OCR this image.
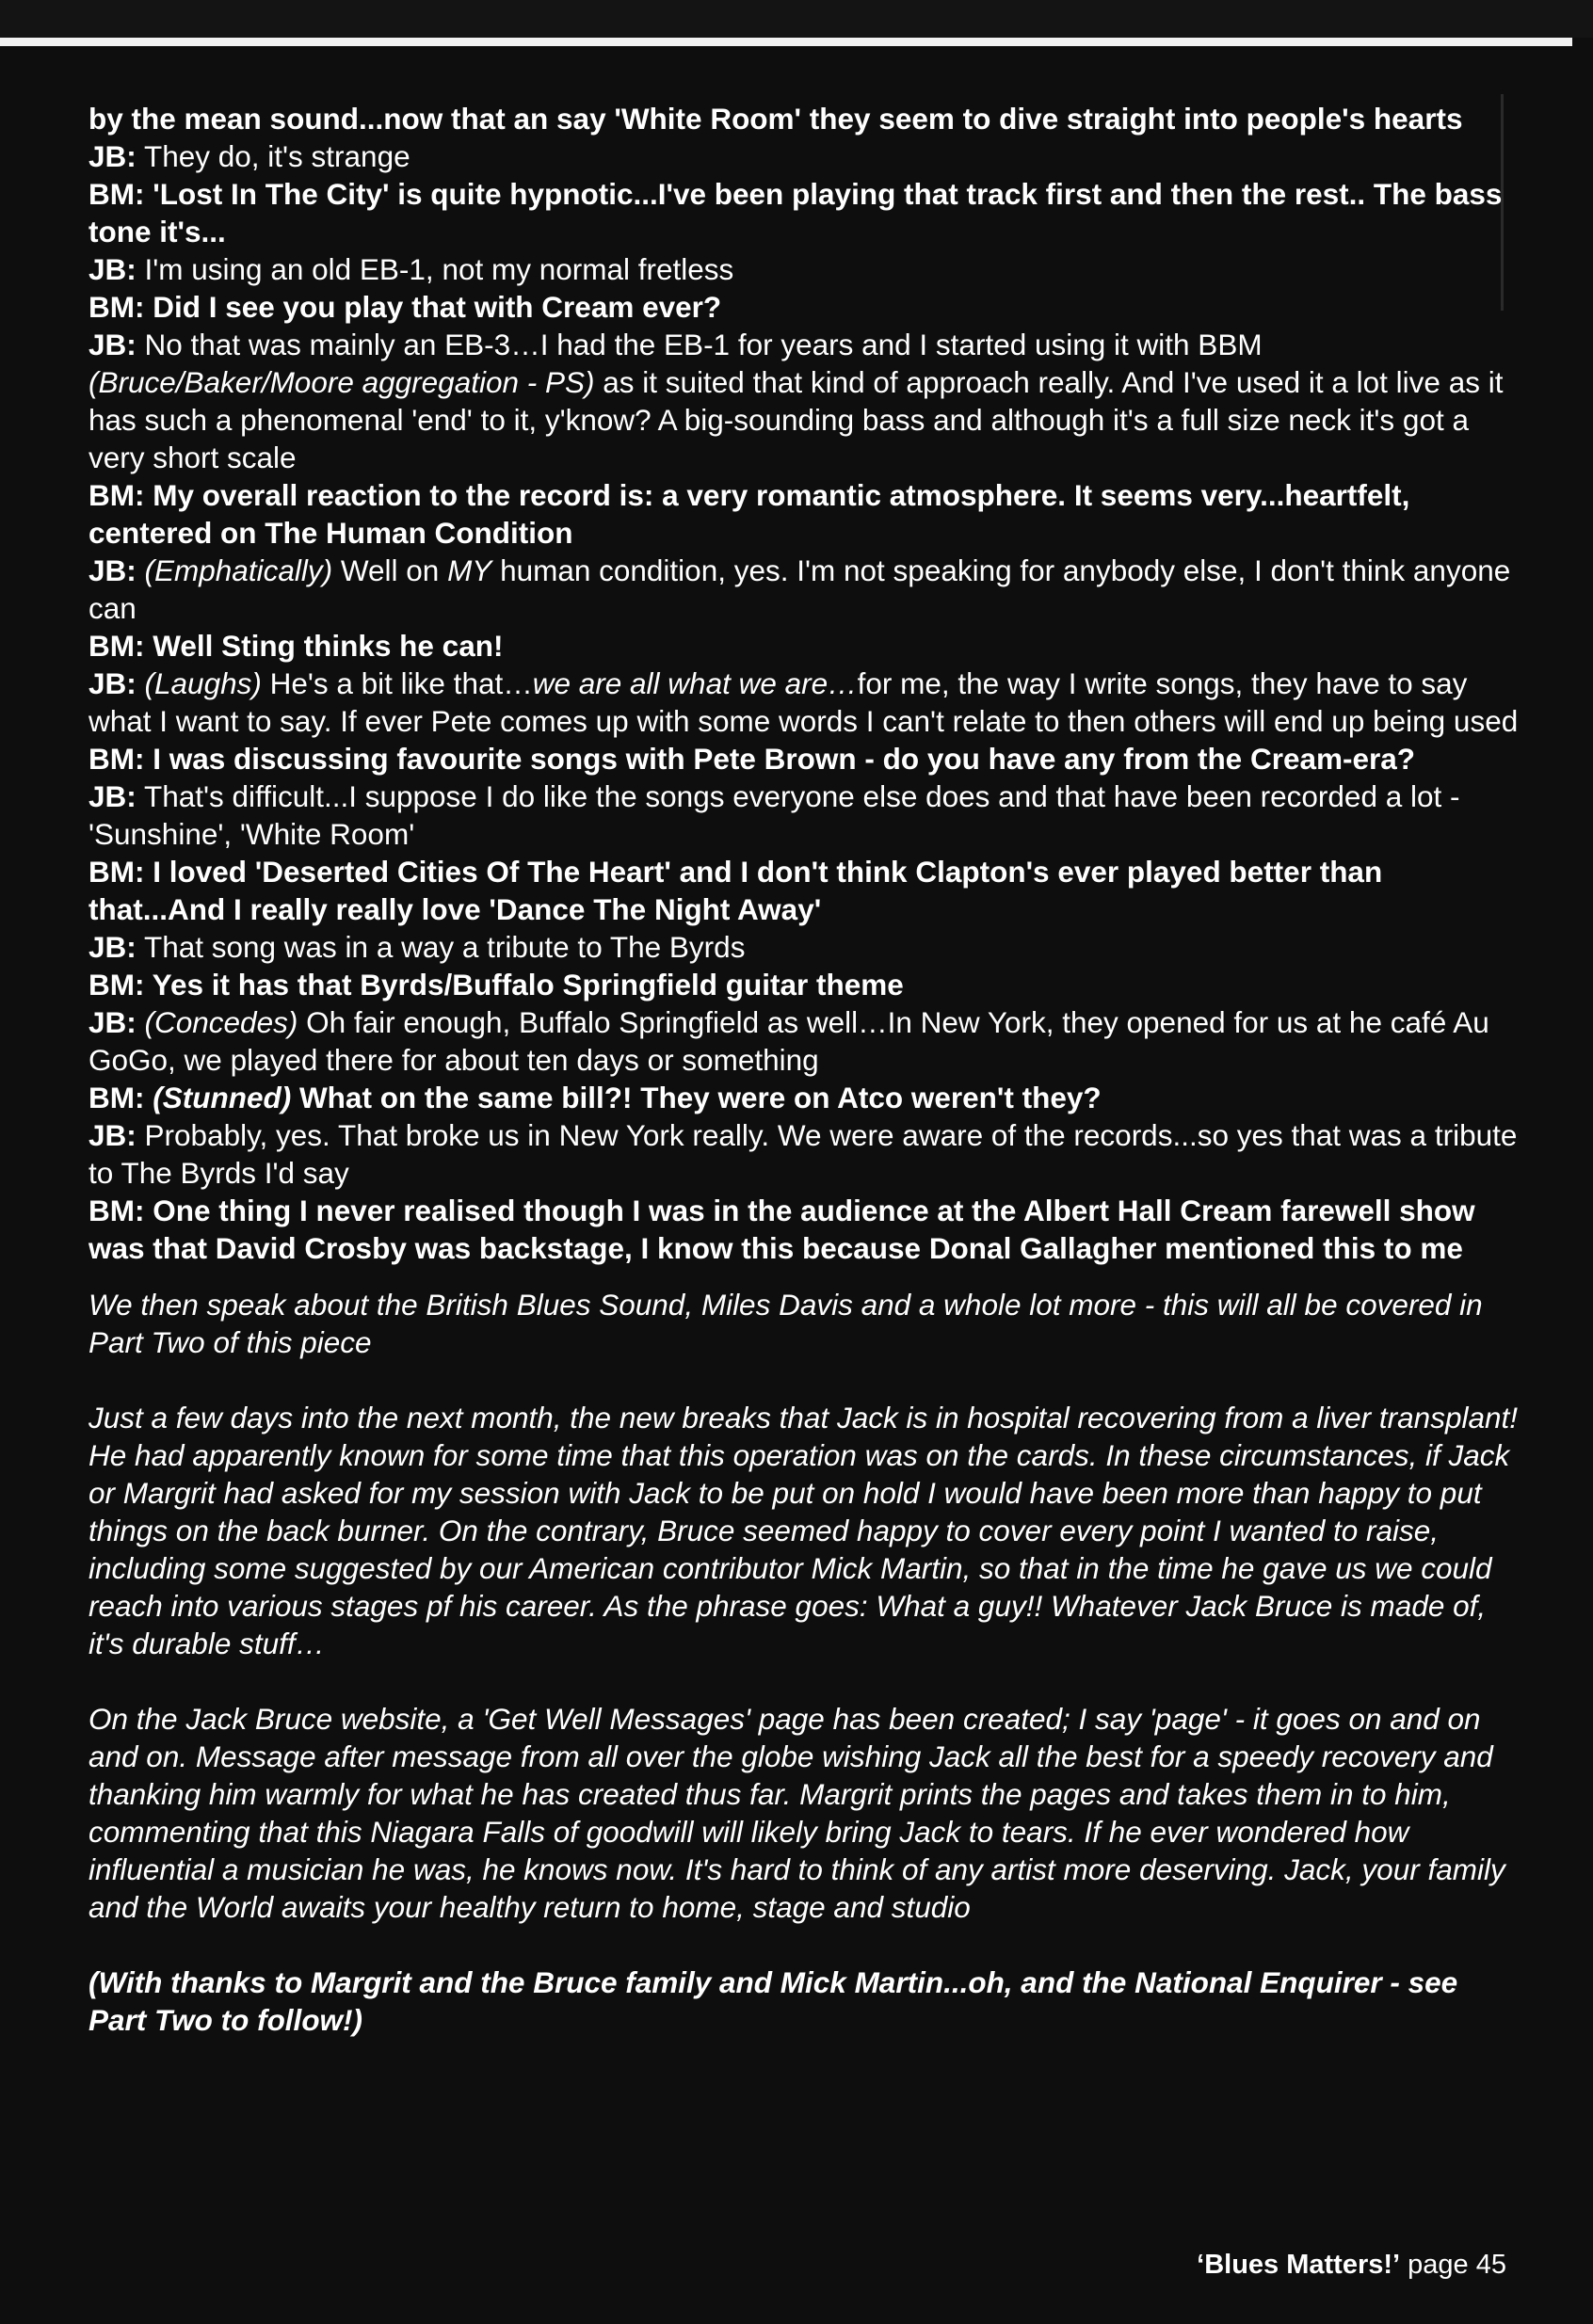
by the mean sound...now that an say 'White Room' they seem to dive straight into people's hearts

JB: They do, it's strange

BM: 'Lost In The City' is quite hypnotic...I've been playing that track first and then the rest.. The bass tone it's...

JB: I'm using an old EB-1, not my normal fretless

BM: Did I see you play that with Cream ever?

JB: No that was mainly an EB-3…I had the EB-1 for years and I started using it with BBM (Bruce/Baker/Moore aggregation - PS) as it suited that kind of approach really. And I've used it a lot live as it has such a phenomenal 'end' to it, y'know? A big-sounding bass and although it's a full size neck it's got a very short scale

BM: My overall reaction to the record is: a very romantic atmosphere. It seems very...heartfelt, centered on The Human Condition

JB: (Emphatically) Well on MY human condition, yes. I'm not speaking for anybody else, I don't think anyone can

BM: Well Sting thinks he can!

JB: (Laughs) He's a bit like that…we are all what we are…for me, the way I write songs, they have to say what I want to say. If ever Pete comes up with some words I can't relate to then others will end up being used

BM: I was discussing favourite songs with Pete Brown - do you have any from the Cream-era?

JB: That's difficult...I suppose I do like the songs everyone else does and that have been recorded a lot - 'Sunshine', 'White Room'

BM: I loved 'Deserted Cities Of The Heart' and I don't think Clapton's ever played better than that...And I really really love 'Dance The Night Away'

JB: That song was in a way a tribute to The Byrds

BM: Yes it has that Byrds/Buffalo Springfield guitar theme

JB: (Concedes) Oh fair enough, Buffalo Springfield as well…In New York, they opened for us at he café Au GoGo, we played there for about ten days or something

BM: (Stunned) What on the same bill?! They were on Atco weren't they?

JB: Probably, yes. That broke us in New York really. We were aware of the records...so yes that was a tribute to The Byrds I'd say

BM: One thing I never realised though I was in the audience at the Albert Hall Cream farewell show was that David Crosby was backstage, I know this because Donal Gallagher mentioned this to me

We then speak about the British Blues Sound, Miles Davis and a whole lot more - this will all be covered in Part Two of this piece

Just a few days into the next month, the new breaks that Jack is in hospital recovering from a liver transplant! He had apparently known for some time that this operation was on the cards. In these circumstances, if Jack or Margrit had asked for my session with Jack to be put on hold I would have been more than happy to put things on the back burner. On the contrary, Bruce seemed happy to cover every point I wanted to raise, including some suggested by our American contributor Mick Martin, so that in the time he gave us we could reach into various stages pf his career. As the phrase goes: What a guy!! Whatever Jack Bruce is made of, it's durable stuff…

On the Jack Bruce website, a 'Get Well Messages' page has been created; I say 'page' - it goes on and on and on. Message after message from all over the globe wishing Jack all the best for a speedy recovery and thanking him warmly for what he has created thus far. Margrit prints the pages and takes them in to him, commenting that this Niagara Falls of goodwill will likely bring Jack to tears. If he ever wondered how influential a musician he was, he knows now. It's hard to think of any artist more deserving. Jack, your family and the World awaits your healthy return to home, stage and studio

(With thanks to Margrit and the Bruce family and Mick Martin...oh, and the National Enquirer - see Part Two to follow!)

‘Blues Matters!’ page 45
